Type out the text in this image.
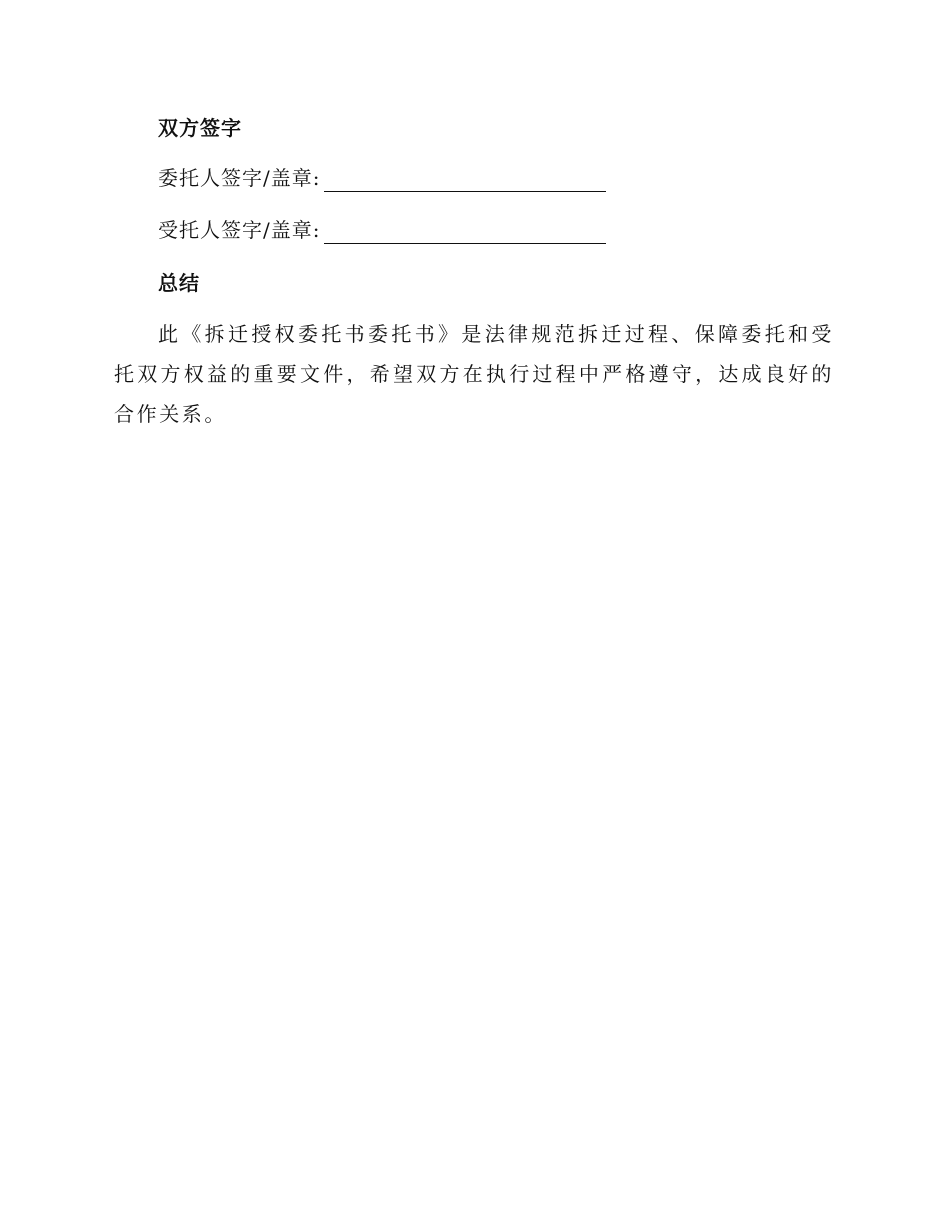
双方签字
委托人签字/盖章:
受托人签字/盖章:
总结
此《拆迁授权委托书委托书》是法律规范拆迁过程、保障委托和受托双方权益的重要文件，希望双方在执行过程中严格遵守，达成良好的合作关系。
